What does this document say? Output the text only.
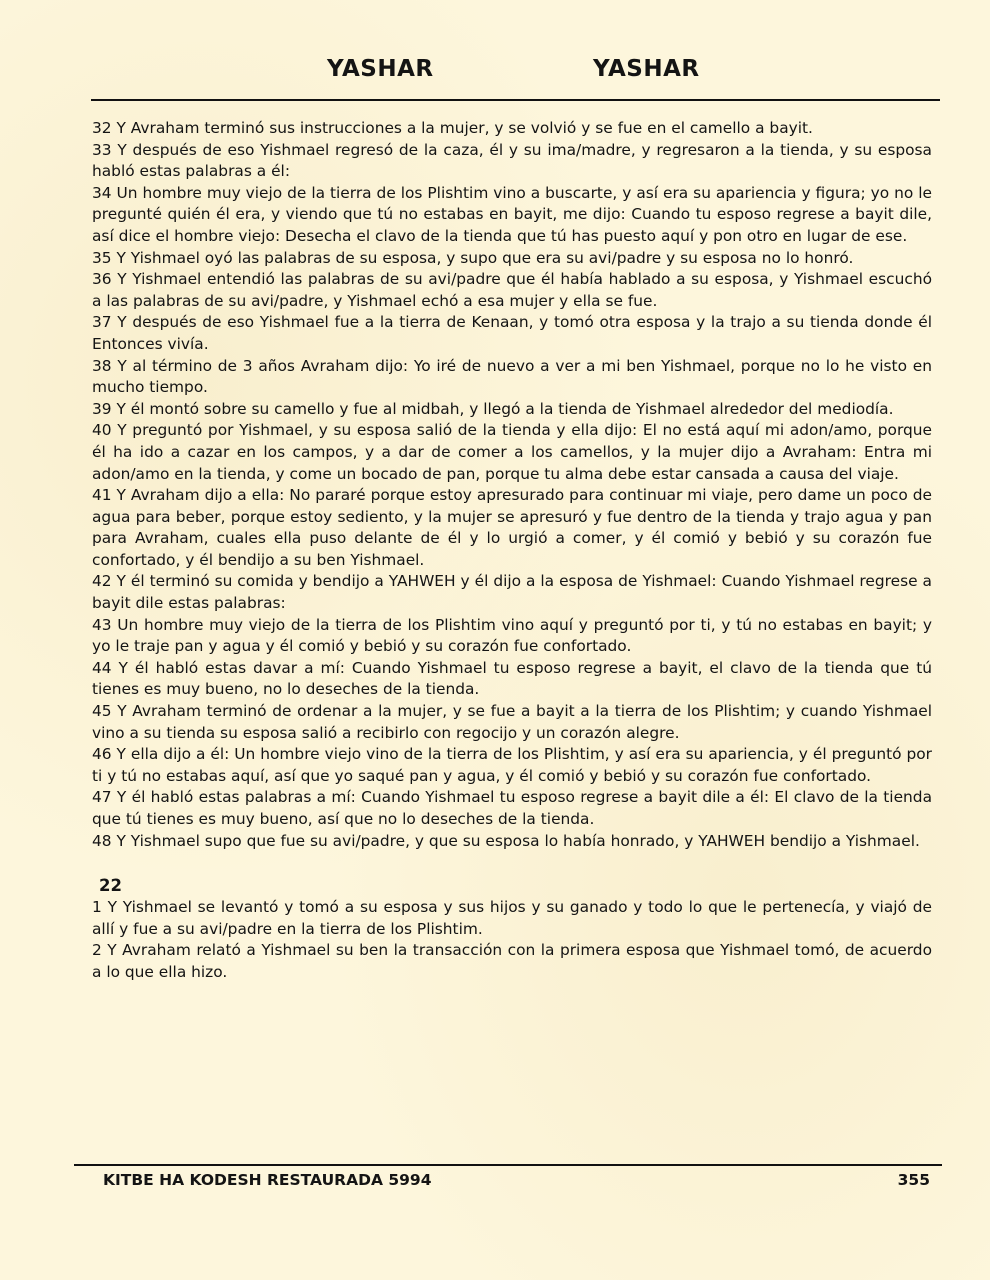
YASHAR	YASHAR

32 Y Avraham terminó sus instrucciones a la mujer, y se volvió y se fue en el camello a bayit.

33 Y después de eso Yishmael regresó de la caza, él y su ima/madre, y regresaron a la tienda, y su esposa habló estas palabras a él:

34 Un hombre muy viejo de la tierra de los Plishtim vino a buscarte, y así era su apariencia y figura; yo no le pregunté quién él era, y viendo que tú no estabas en bayit, me dijo: Cuando tu esposo regrese a bayit dile, así dice el hombre viejo: Desecha el clavo de la tienda que tú has puesto aquí y pon otro en lugar de ese.

35 Y Yishmael oyó las palabras de su esposa, y supo que era su avi/padre y su esposa no lo honró.

36 Y Yishmael entendió las palabras de su avi/padre que él había hablado a su esposa, y Yishmael escuchó a las palabras de su avi/padre, y Yishmael echó a esa mujer y ella se fue.

37 Y después de eso Yishmael fue a la tierra de Kenaan, y tomó otra esposa y la trajo a su tienda donde él Entonces vivía.

38 Y al término de 3 años Avraham dijo: Yo iré de nuevo a ver a mi ben Yishmael, porque no lo he visto en mucho tiempo.

39 Y él montó sobre su camello y fue al midbah, y llegó a la tienda de Yishmael alrededor del mediodía.

40 Y preguntó por Yishmael, y su esposa salió de la tienda y ella dijo: El no está aquí mi adon/amo, porque él ha ido a cazar en los campos, y a dar de comer a los camellos, y la mujer dijo a Avraham: Entra mi adon/amo en la tienda, y come un bocado de pan, porque tu alma debe estar cansada a causa del viaje.

41 Y Avraham dijo a ella: No pararé porque estoy apresurado para continuar mi viaje, pero dame un poco de agua para beber, porque estoy sediento, y la mujer se apresuró y fue dentro de la tienda y trajo agua y pan para Avraham, cuales ella puso delante de él y lo urgió a comer, y él comió y bebió y su corazón fue confortado, y él bendijo a su ben Yishmael.

42 Y él terminó su comida y bendijo a YAHWEH y él dijo a la esposa de Yishmael: Cuando Yishmael regrese a bayit dile estas palabras:

43 Un hombre muy viejo de la tierra de los Plishtim vino aquí y preguntó por ti, y tú no estabas en bayit; y yo le traje pan y agua y él comió y bebió y su corazón fue confortado.

44 Y él habló estas davar a mí: Cuando Yishmael tu esposo regrese a bayit, el clavo de la tienda que tú tienes es muy bueno, no lo deseches de la tienda.

45 Y Avraham terminó de ordenar a la mujer, y se fue a bayit a la tierra de los Plishtim; y cuando Yishmael vino a su tienda su esposa salió a recibirlo con regocijo y un corazón alegre.

46 Y ella dijo a él: Un hombre viejo vino de la tierra de los Plishtim, y así era su apariencia, y él preguntó por ti y tú no estabas aquí, así que yo saqué pan y agua, y él comió y bebió y su corazón fue confortado.

47 Y él habló estas palabras a mí: Cuando Yishmael tu esposo regrese a bayit dile a él: El clavo de la tienda que tú tienes es muy bueno, así que no lo deseches de la tienda.

48 Y Yishmael supo que fue su avi/padre, y que su esposa lo había honrado, y YAHWEH bendijo a Yishmael.

22

1 Y Yishmael se levantó y tomó a su esposa y sus hijos y su ganado y todo lo que le pertenecía, y viajó de allí y fue a su avi/padre en la tierra de los Plishtim.

2 Y Avraham relató a Yishmael su ben la transacción con la primera esposa que Yishmael tomó, de acuerdo a lo que ella hizo.

KITBE HA KODESH RESTAURADA 5994	355
